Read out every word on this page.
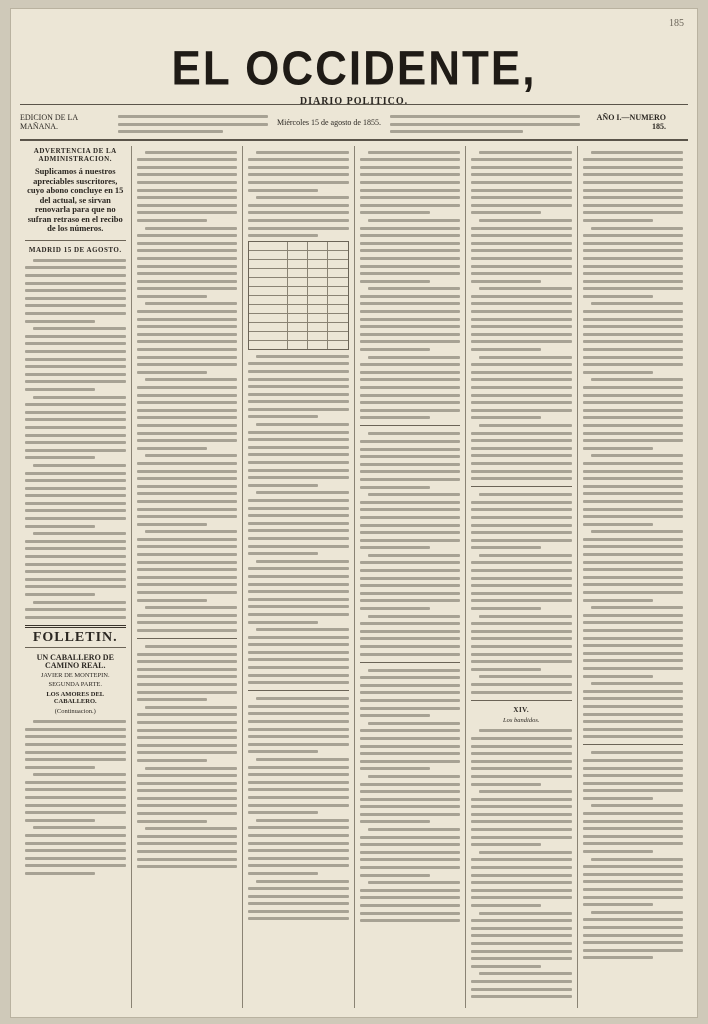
185
EL OCCIDENTE,
DIARIO POLITICO.
EDICION DE LA MAÑANA.	Miércoles 15 de agosto de 1855.	AÑO I.—NUMERO 185.
ADVERTENCIA DE LA ADMINISTRACION.
Suplicamos á nuestros apreciables suscritores, cuyo abono concluye en 15 del actual, se sirvan renovarla para que no sufran retraso en el recibo de los números.
MADRID 15 DE AGOSTO.
FOLLETIN.
UN CABALLERO DE CAMINO REAL.
JAVIER DE MONTEPIN.
SEGUNDA PARTE.
LOS AMORES DEL CABALLERO.
(Continuacion.)	XIV.
Los bandidos.
